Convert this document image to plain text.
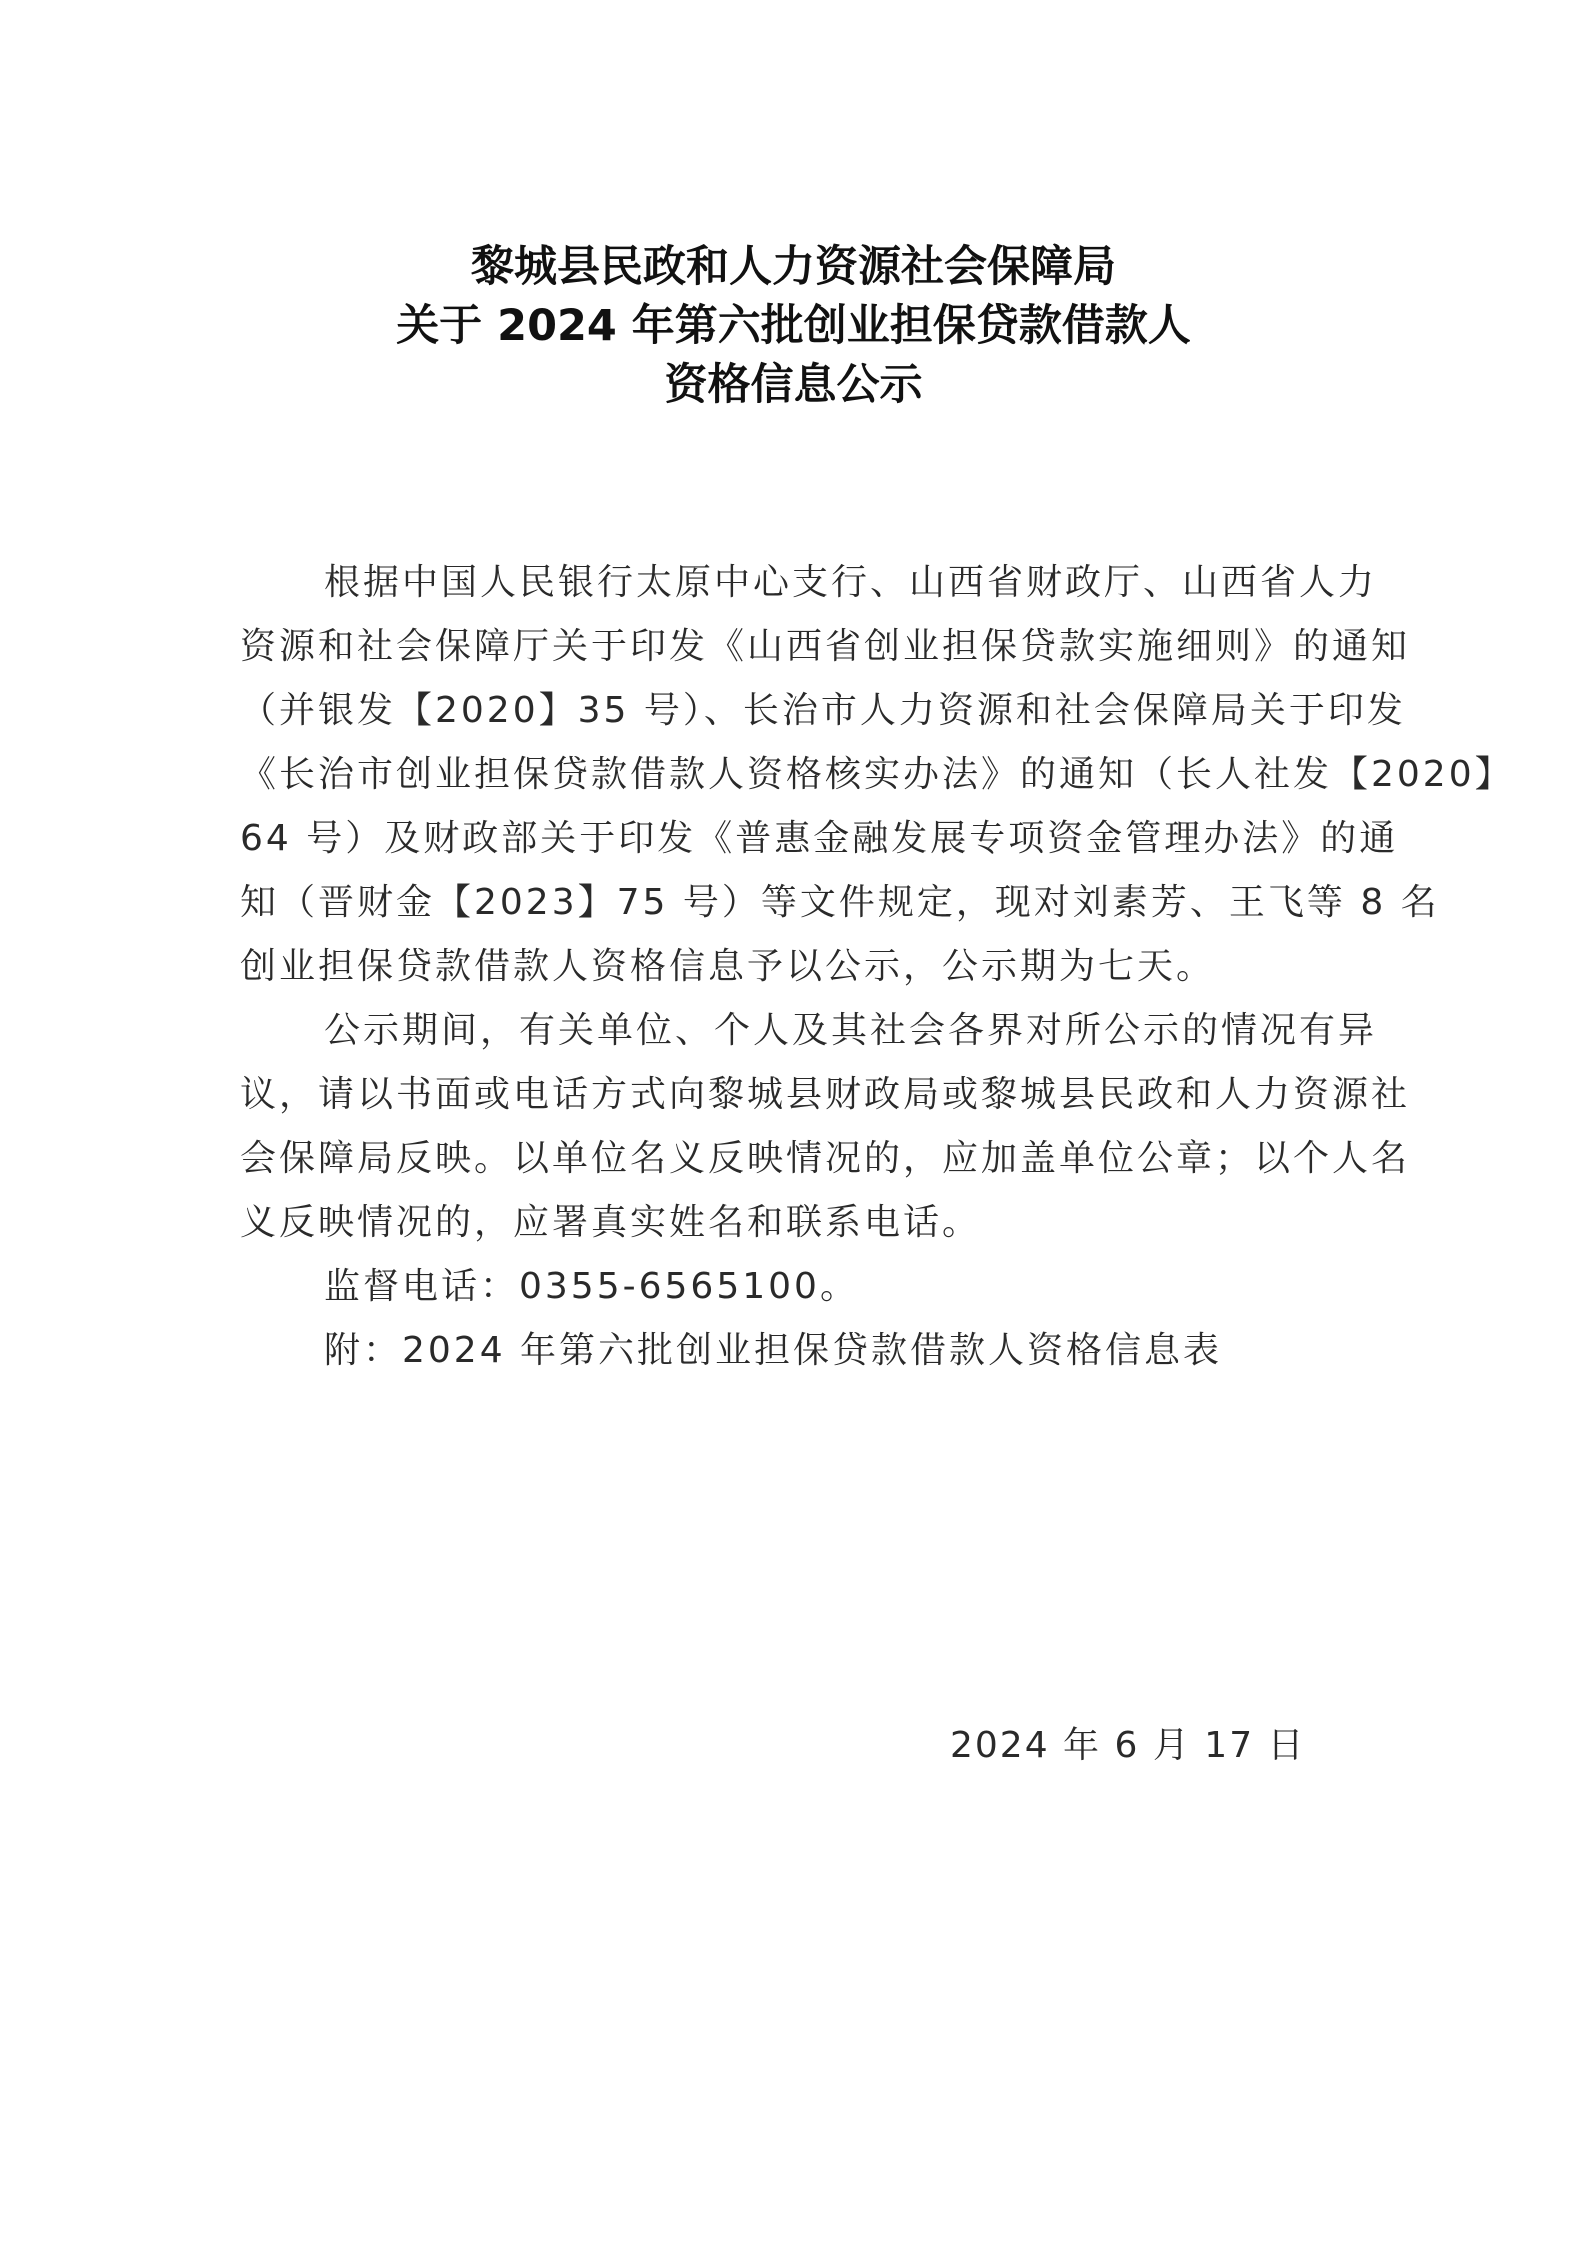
黎城县民政和人力资源社会保障局
关于 2024 年第六批创业担保贷款借款人
资格信息公示
根据中国人民银行太原中心支行、山西省财政厅、山西省人力
资源和社会保障厅关于印发《山西省创业担保贷款实施细则》的通知
（并银发【2020】35 号）、长治市人力资源和社会保障局关于印发
《长治市创业担保贷款借款人资格核实办法》的通知（长人社发【2020】
64 号）及财政部关于印发《普惠金融发展专项资金管理办法》的通
知（晋财金【2023】75 号）等文件规定，现对刘素芳、王飞等 8 名
创业担保贷款借款人资格信息予以公示，公示期为七天。
公示期间，有关单位、个人及其社会各界对所公示的情况有异
议，请以书面或电话方式向黎城县财政局或黎城县民政和人力资源社
会保障局反映。以单位名义反映情况的，应加盖单位公章；以个人名
义反映情况的，应署真实姓名和联系电话。
监督电话：0355-6565100。
附：2024 年第六批创业担保贷款借款人资格信息表
2024 年 6 月 17 日
